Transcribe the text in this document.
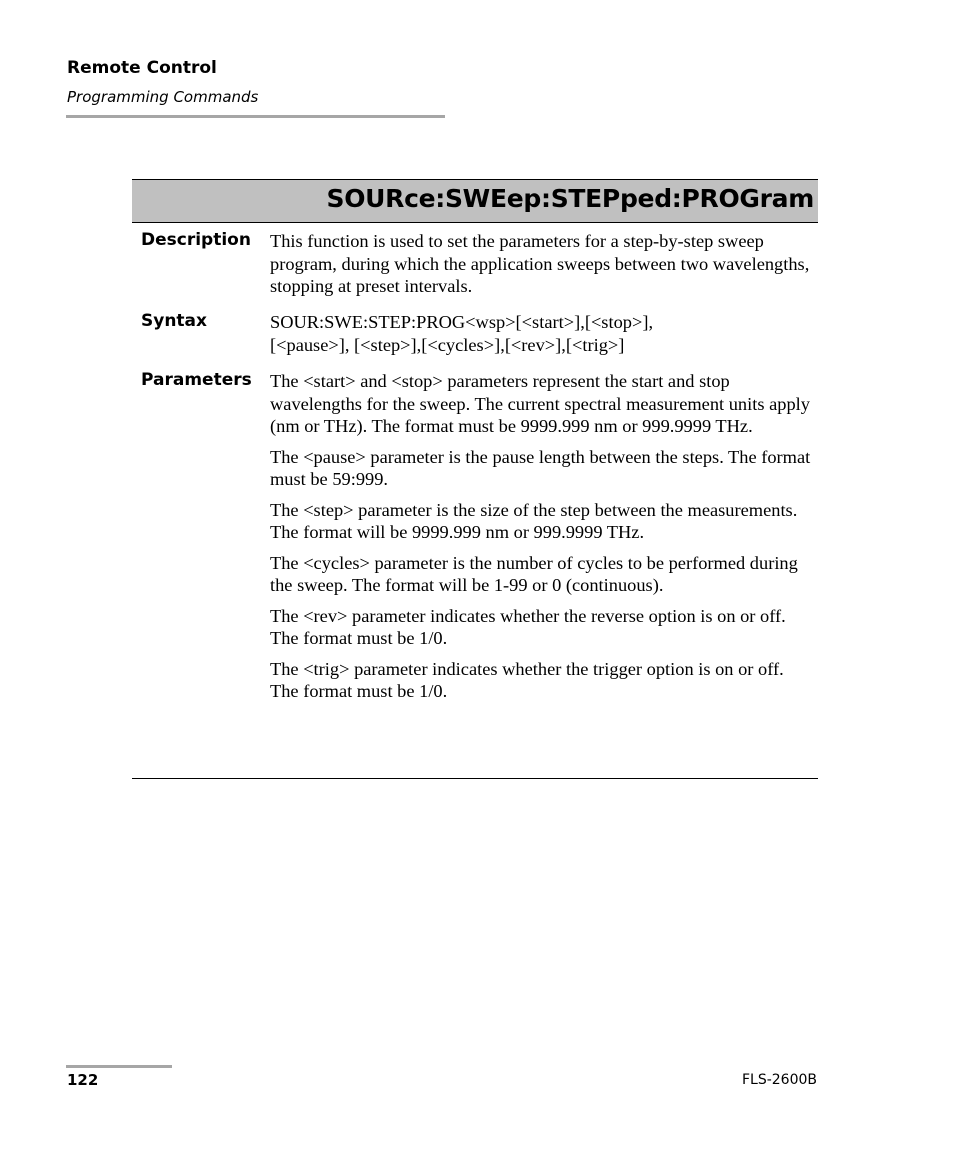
Remote Control
Programming Commands
SOURce:SWEep:STEPped:PROGram
Description This function is used to set the parameters for a step-by-step sweep program, during which the application sweeps between two wavelengths, stopping at preset intervals.

Syntax	SOUR:SWE:STEP:PROG<wsp>[<start>],[<stop>],
[<pause>], [<step>],[<cycles>],[<rev>],[<trig>]
Parameters The <start> and <stop> parameters represent the start and stop wavelengths for the sweep. The current spectral measurement units apply (nm or THz). The format must be 9999.999 nm or 999.9999 THz.

The <pause> parameter is the pause length between the steps. The format must be 59:999.

The <step> parameter is the size of the step between the measurements. The format will be 9999.999 nm or 999.9999 THz.

The <cycles> parameter is the number of cycles to be performed during the sweep. The format will be 1-99 or 0 (continuous).

The <rev> parameter indicates whether the reverse option is on or off. The format must be 1/0.

The <trig> parameter indicates whether the trigger option is on or off. The format must be 1/0.

122	FLS-2600B
